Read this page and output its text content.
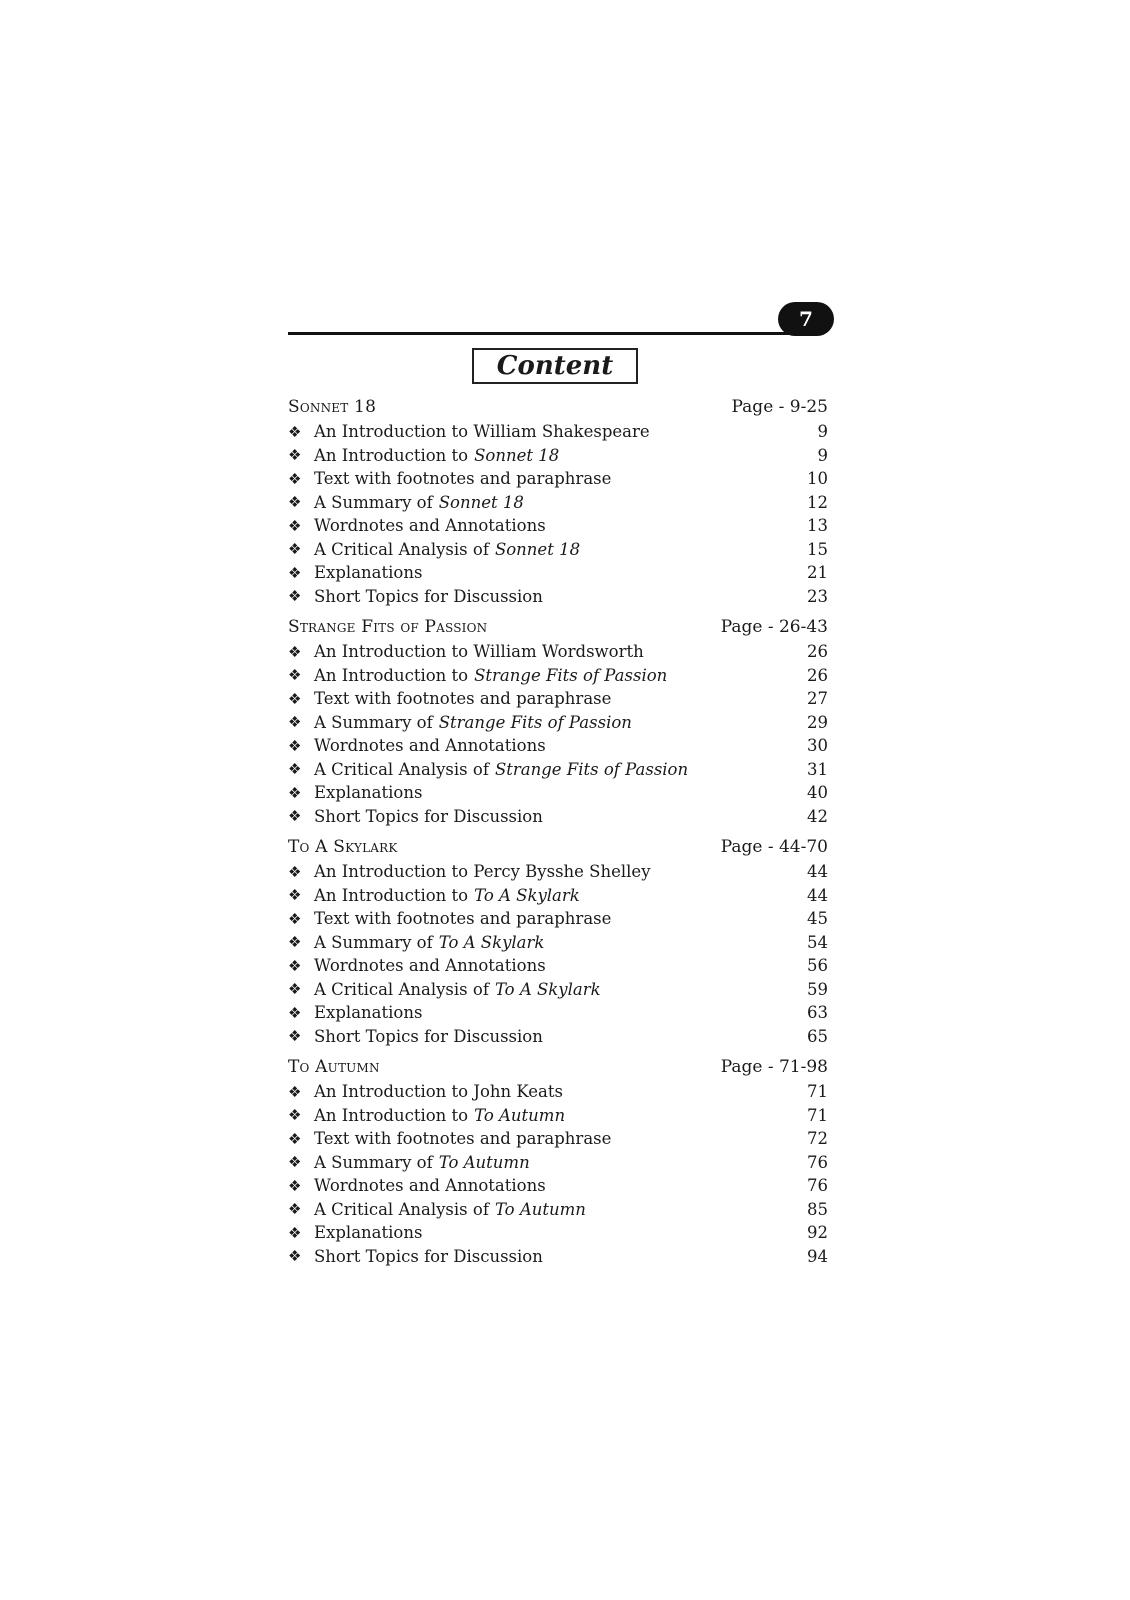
7
Content
Sonnet 18	Page - 9-25
❖ An Introduction to William Shakespeare	9
❖ An Introduction to Sonnet 18	9
❖ Text with footnotes and paraphrase	10
❖ A Summary of Sonnet 18	12
❖ Wordnotes and Annotations	13
❖ A Critical Analysis of Sonnet 18	15
❖ Explanations	21
❖ Short Topics for Discussion	23
Strange Fits of Passion	Page - 26-43
❖ An Introduction to William Wordsworth	26
❖ An Introduction to Strange Fits of Passion	26
❖ Text with footnotes and paraphrase	27
❖ A Summary of Strange Fits of Passion	29
❖ Wordnotes and Annotations	30
❖ A Critical Analysis of Strange Fits of Passion	31
❖ Explanations	40
❖ Short Topics for Discussion	42
To A Skylark	Page - 44-70
❖ An Introduction to Percy Bysshe Shelley	44
❖ An Introduction to To A Skylark	44
❖ Text with footnotes and paraphrase	45
❖ A Summary of To A Skylark	54
❖ Wordnotes and Annotations	56
❖ A Critical Analysis of To A Skylark	59
❖ Explanations	63
❖ Short Topics for Discussion	65
To Autumn	Page - 71-98
❖ An Introduction to John Keats	71
❖ An Introduction to To Autumn	71
❖ Text with footnotes and paraphrase	72
❖ A Summary of To Autumn	76
❖ Wordnotes and Annotations	76
❖ A Critical Analysis of To Autumn	85
❖ Explanations	92
❖ Short Topics for Discussion	94
